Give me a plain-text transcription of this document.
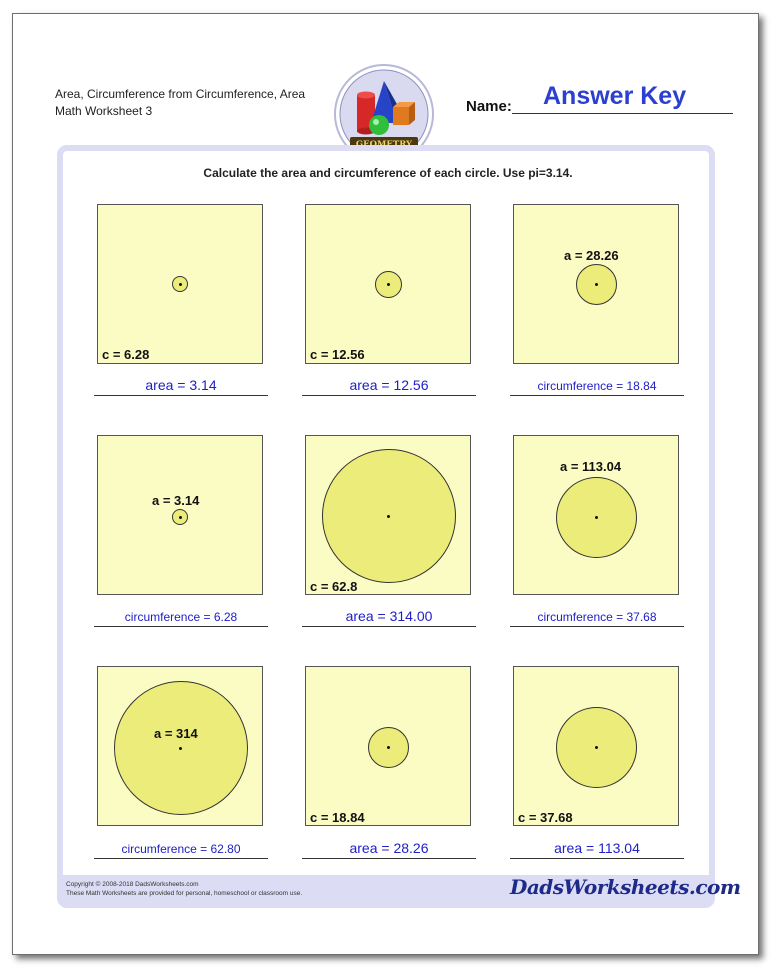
Area, Circumference from Circumference, Area
Math Worksheet 3
Answer Key
Name:
Calculate the area and circumference of each circle. Use pi=3.14.
c = 6.28	c = 12.56
a = 28.26
area = 3.14	area = 12.56	circumference = 18.84
a = 3.14
c = 62.8
a = 113.04
circumference = 6.28	area = 314.00	circumference = 37.68
a = 314
c = 18.84	c = 37.68
circumference = 62.80	area = 28.26	area = 113.04
Copyright © 2008-2018 DadsWorksheets.com
These Math Worksheets are provided for personal, homeschool or classroom use.	DadsWorksheets.com
